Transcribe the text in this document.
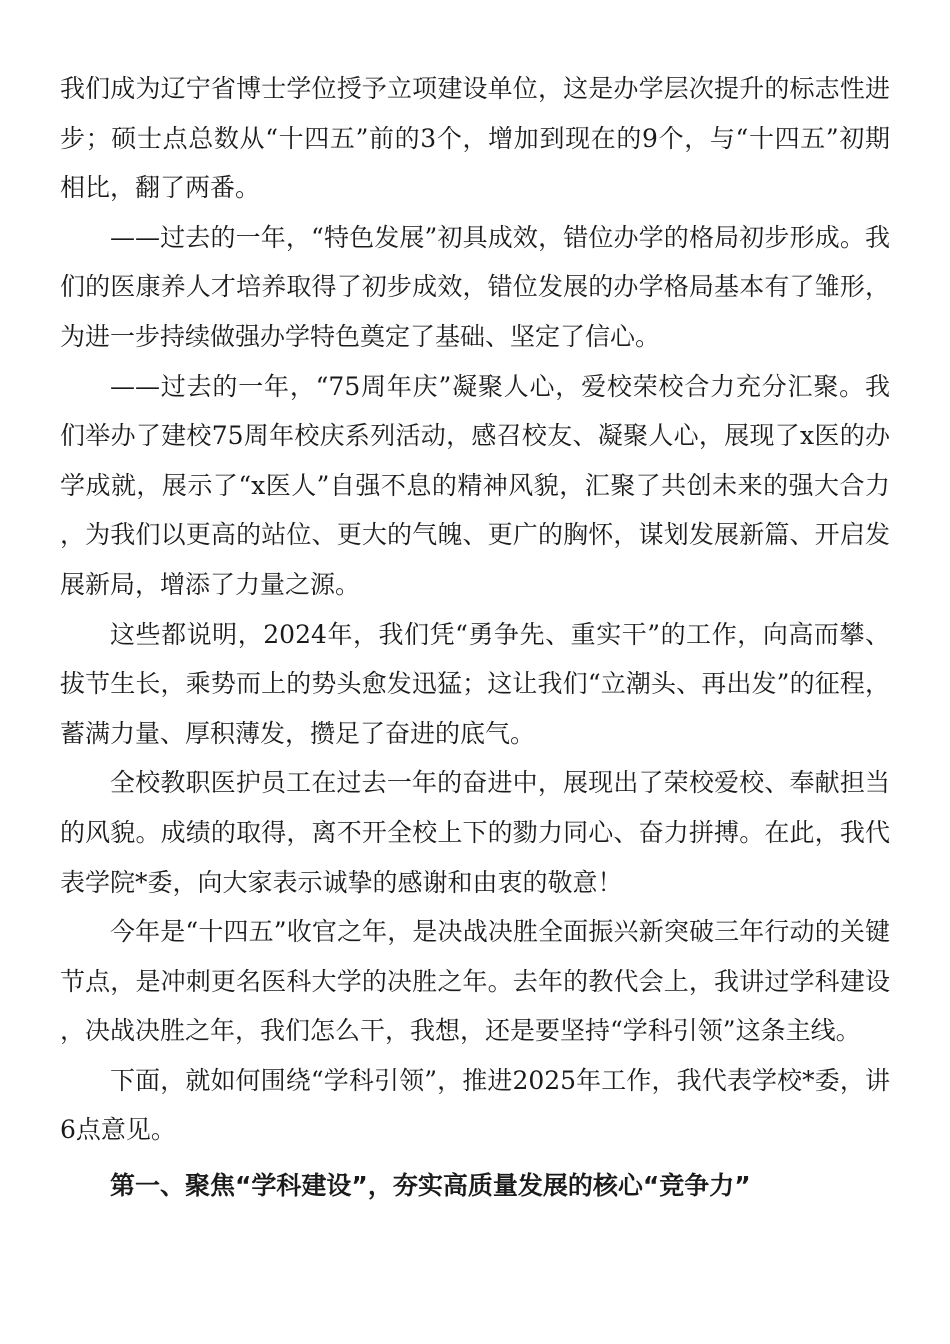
我们成为辽宁省博士学位授予立项建设单位，这是办学层次提升的标志性进步；硕士点总数从“十四五”前的3个，增加到现在的9个，与“十四五”初期相比，翻了两番。

——过去的一年，“特色发展”初具成效，错位办学的格局初步形成。我们的医康养人才培养取得了初步成效，错位发展的办学格局基本有了雏形，为进一步持续做强办学特色奠定了基础、坚定了信心。

——过去的一年，“75周年庆”凝聚人心，爱校荣校合力充分汇聚。我们举办了建校75周年校庆系列活动，感召校友、凝聚人心，展现了x医的办学成就，展示了“x医人”自强不息的精神风貌，汇聚了共创未来的强大合力，为我们以更高的站位、更大的气魄、更广的胸怀，谋划发展新篇、开启发展新局，增添了力量之源。

这些都说明，2024年，我们凭“勇争先、重实干”的工作，向高而攀、拔节生长，乘势而上的势头愈发迅猛；这让我们“立潮头、再出发”的征程，蓄满力量、厚积薄发，攒足了奋进的底气。

全校教职医护员工在过去一年的奋进中，展现出了荣校爱校、奉献担当的风貌。成绩的取得，离不开全校上下的勠力同心、奋力拼搏。在此，我代表学院*委，向大家表示诚挚的感谢和由衷的敬意！

今年是“十四五”收官之年，是决战决胜全面振兴新突破三年行动的关键节点，是冲刺更名医科大学的决胜之年。去年的教代会上，我讲过学科建设，决战决胜之年，我们怎么干，我想，还是要坚持“学科引领”这条主线。

下面，就如何围绕“学科引领”，推进2025年工作，我代表学校*委，讲6点意见。

第一、聚焦“学科建设”，夯实高质量发展的核心“竞争力”
